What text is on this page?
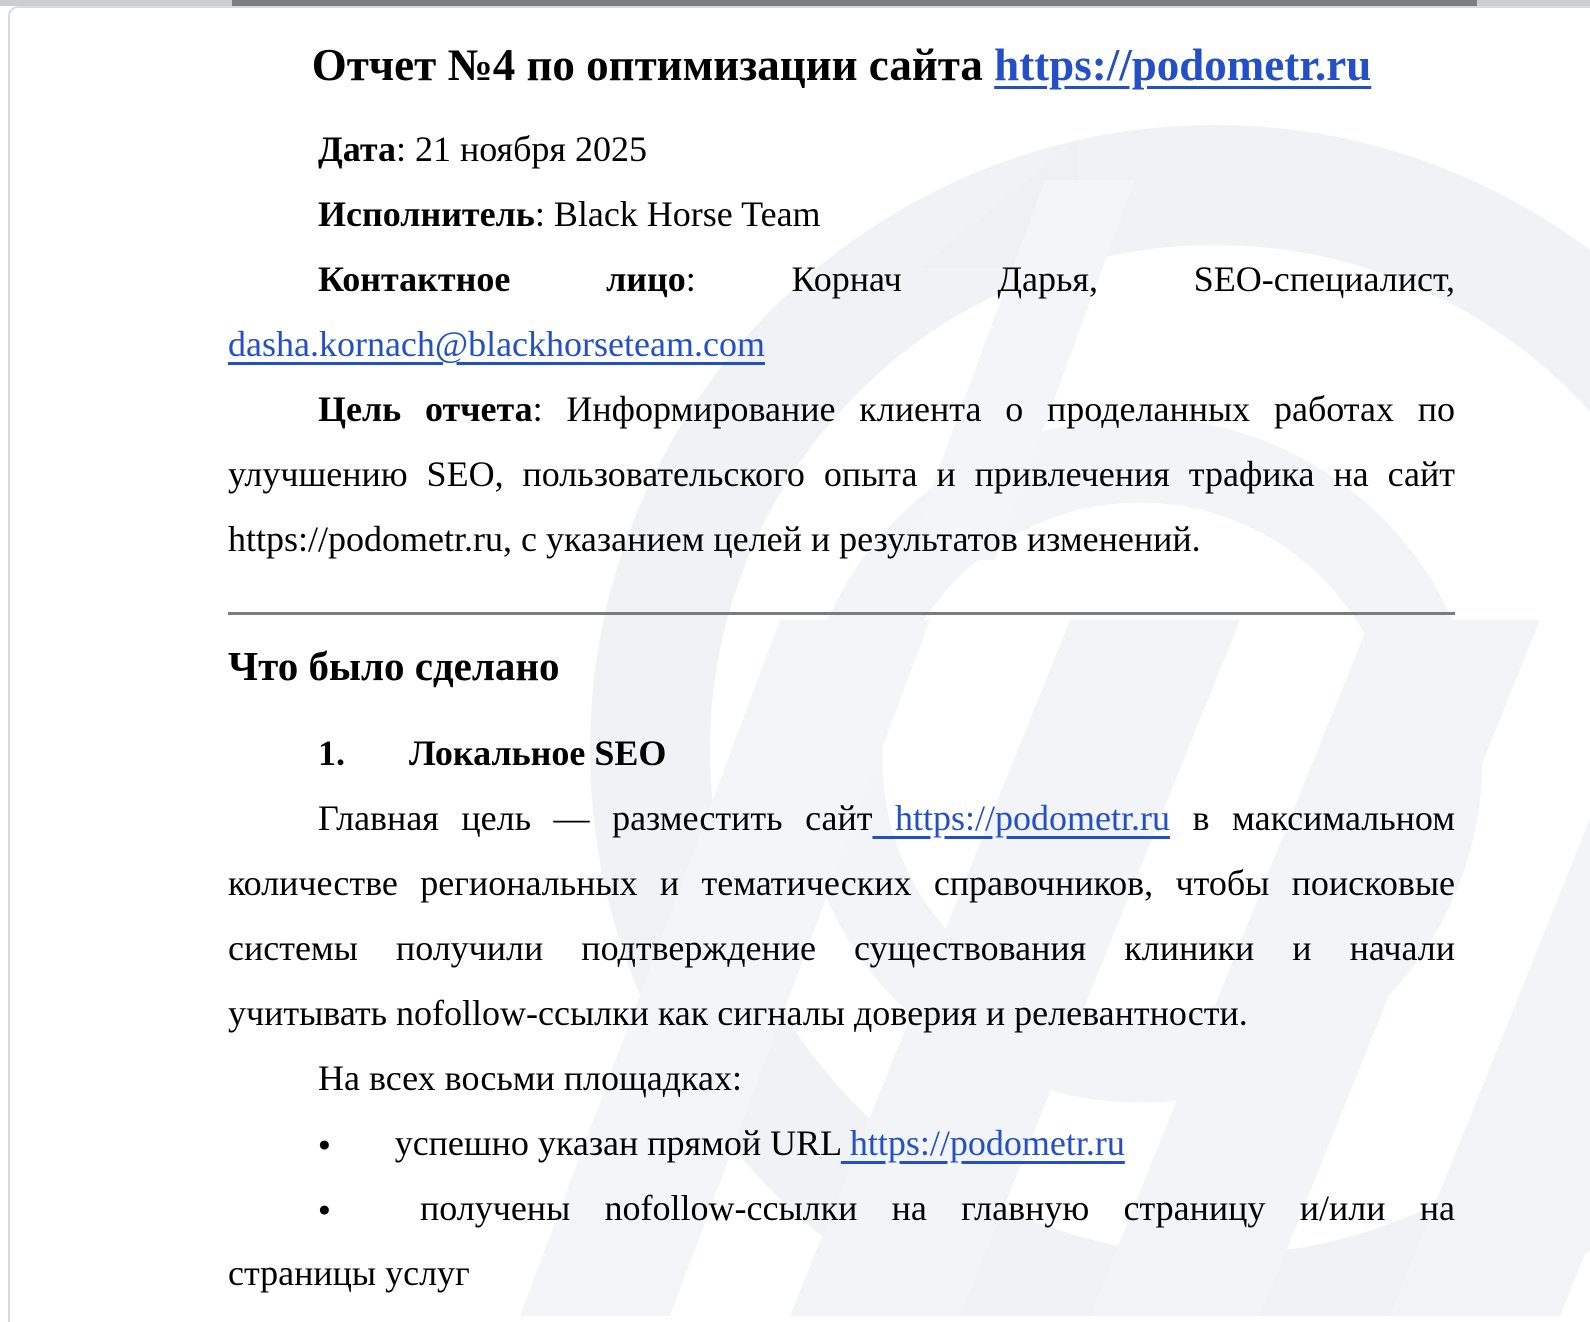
Отчет №4 по оптимизации сайта https://podometr.ru
Дата: 21 ноября 2025
Исполнитель: Black Horse Team
Контактное лицо: Корнач Дарья, SEO-специалист,
dasha.kornach@blackhorseteam.com
Цель отчета: Информирование клиента о проделанных работах по
улучшению SEO, пользовательского опыта и привлечения трафика на сайт
https://podometr.ru, с указанием целей и результатов изменений.
Что было сделано
1. Локальное SEO
Главная цель — разместить сайт https://podometr.ru в максимальном
количестве региональных и тематических справочников, чтобы поисковые
системы получили подтверждение существования клиники и начали
учитывать nofollow-ссылки как сигналы доверия и релевантности.
На всех восьми площадках:
● успешно указан прямой URL https://podometr.ru
● получены nofollow-ссылки на главную страницу и/или на
страницы услуг
